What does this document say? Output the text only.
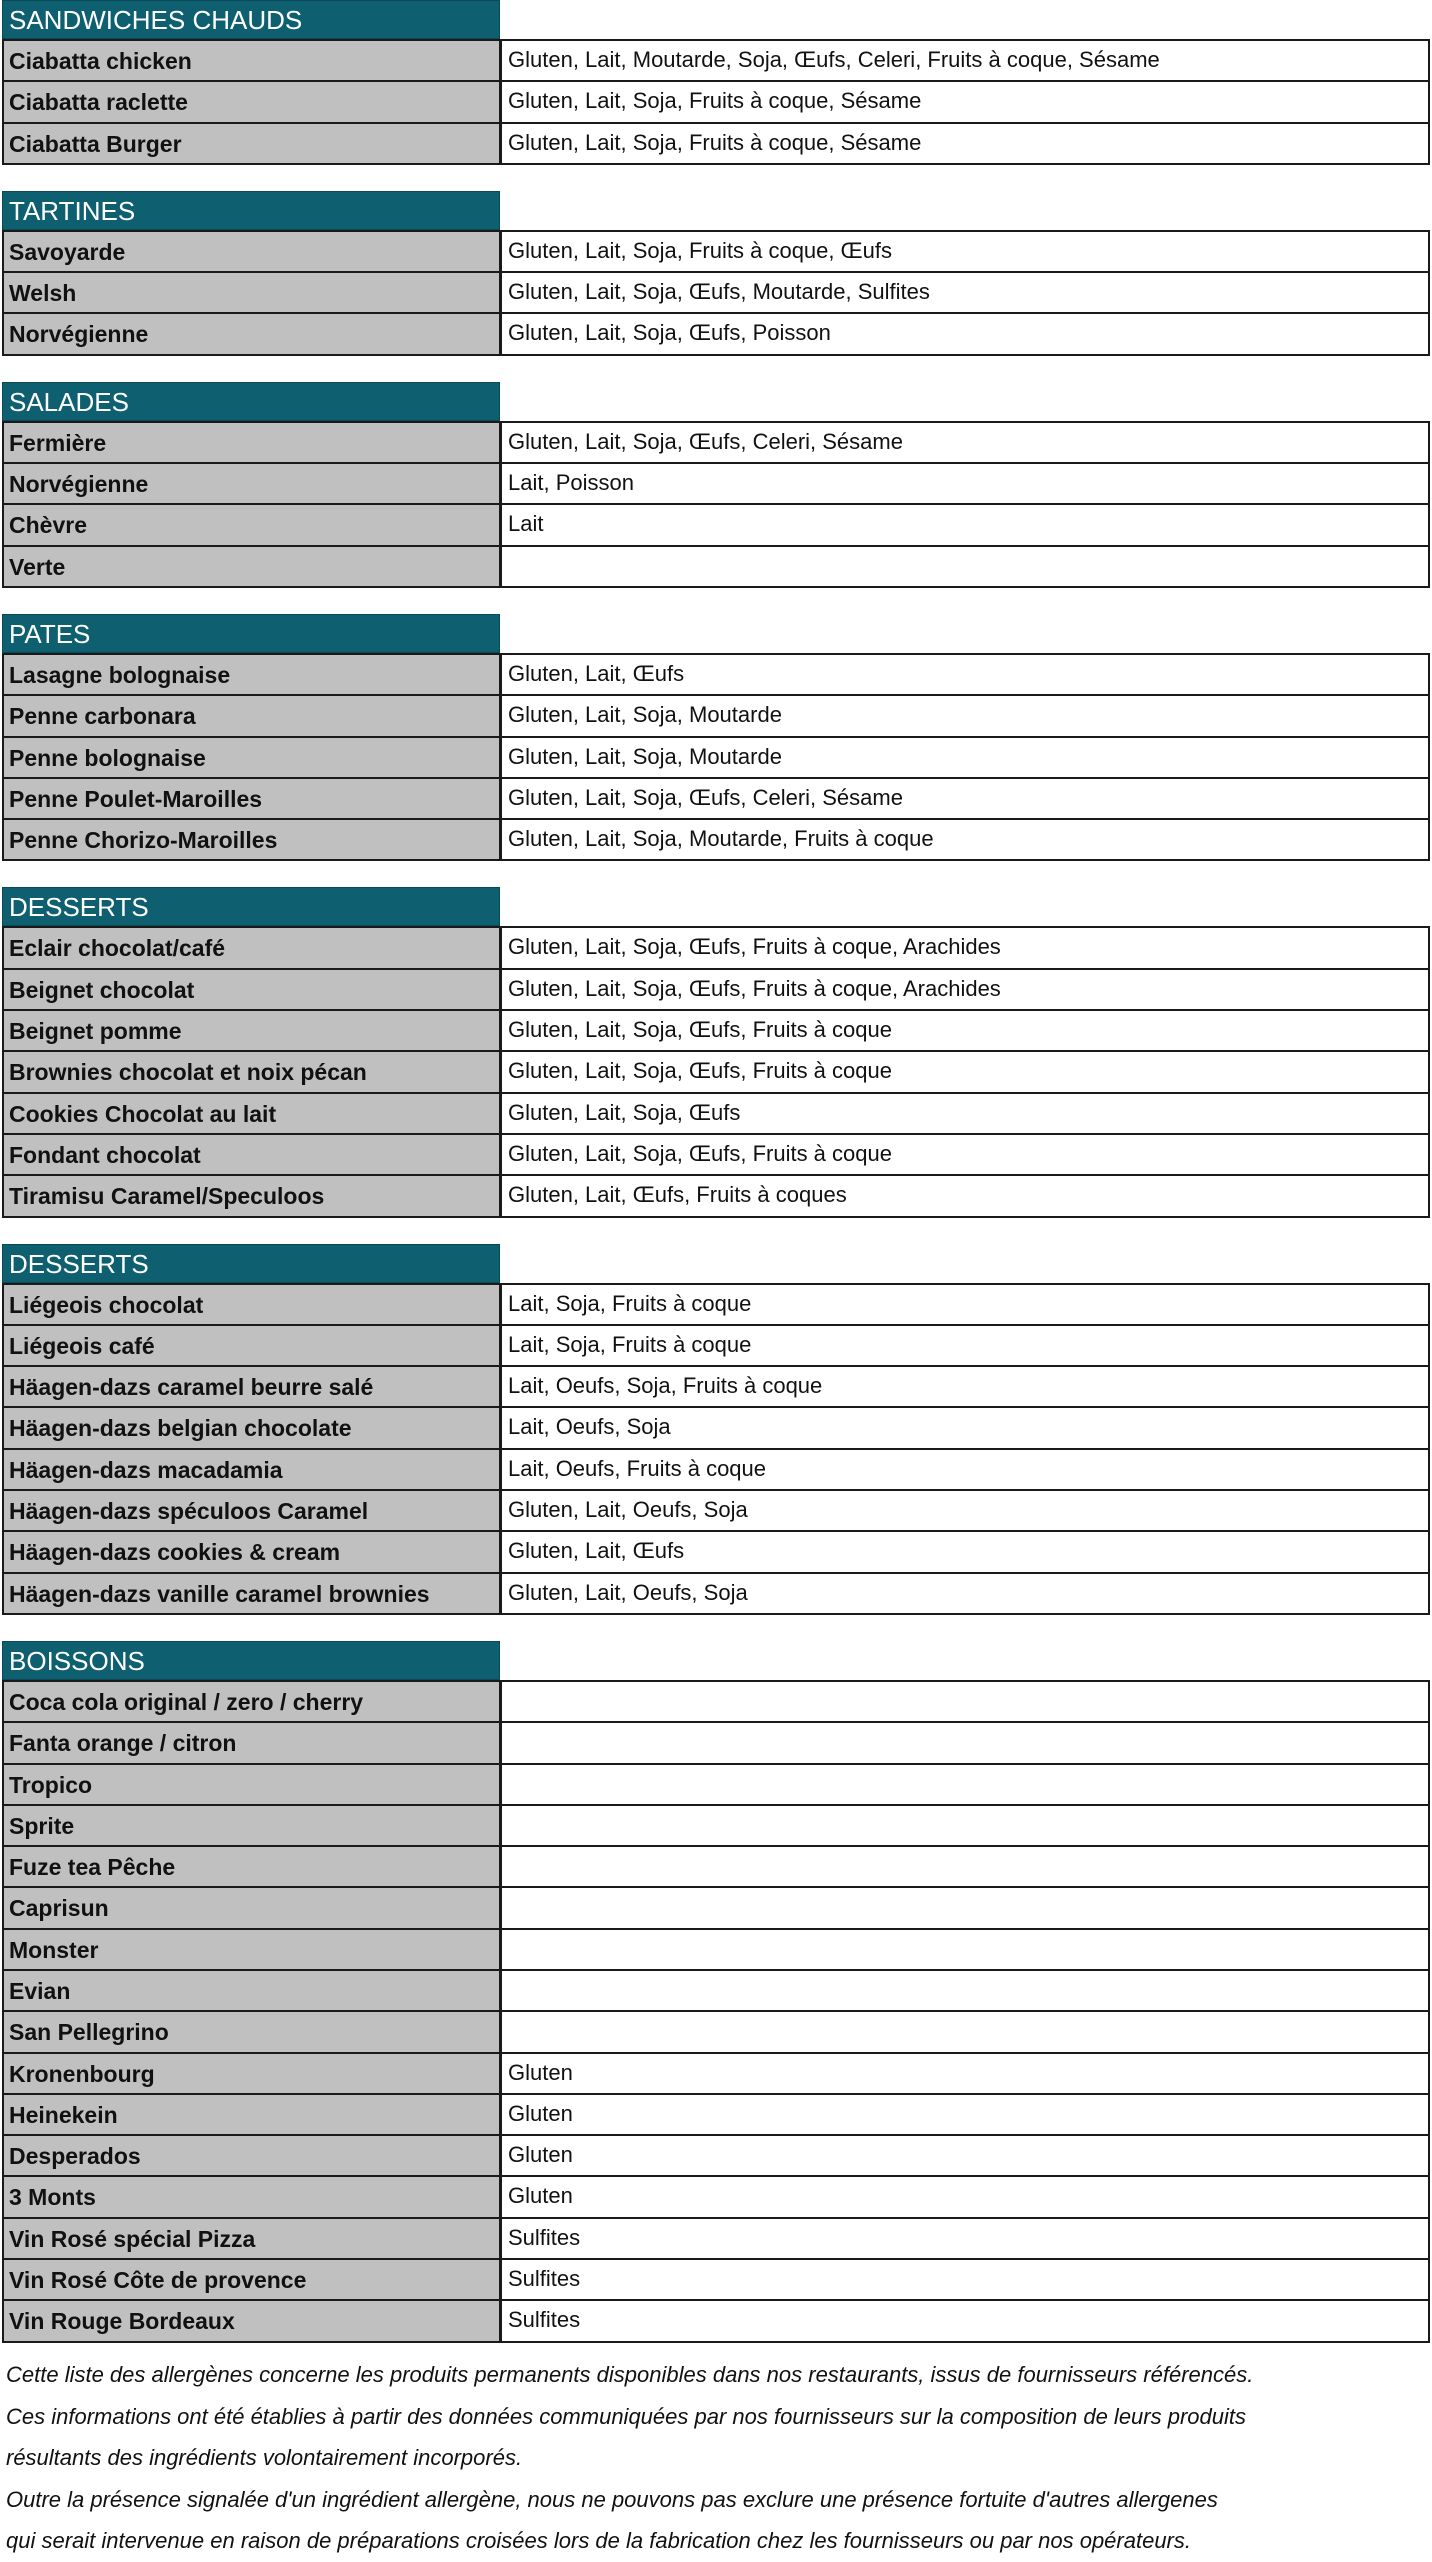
SANDWICHES CHAUDS
Ciabatta chicken	Gluten, Lait, Moutarde, Soja, Œufs, Celeri, Fruits à coque, Sésame
Ciabatta raclette	Gluten, Lait, Soja, Fruits à coque, Sésame
Ciabatta Burger	Gluten, Lait, Soja, Fruits à coque, Sésame
TARTINES
Savoyarde	Gluten, Lait, Soja, Fruits à coque, Œufs
Welsh	Gluten, Lait, Soja, Œufs, Moutarde, Sulfites
Norvégienne	Gluten, Lait, Soja, Œufs, Poisson
SALADES
Fermière	Gluten, Lait, Soja, Œufs, Celeri, Sésame
Norvégienne	Lait, Poisson
Chèvre	Lait
Verte
PATES
Lasagne bolognaise	Gluten, Lait, Œufs
Penne carbonara	Gluten, Lait, Soja, Moutarde
Penne bolognaise	Gluten, Lait, Soja, Moutarde
Penne Poulet-Maroilles	Gluten, Lait, Soja, Œufs, Celeri, Sésame
Penne Chorizo-Maroilles	Gluten, Lait, Soja, Moutarde, Fruits à coque
DESSERTS
Eclair chocolat/café	Gluten, Lait, Soja, Œufs, Fruits à coque, Arachides
Beignet chocolat	Gluten, Lait, Soja, Œufs, Fruits à coque, Arachides
Beignet pomme	Gluten, Lait, Soja, Œufs, Fruits à coque
Brownies chocolat et noix pécan	Gluten, Lait, Soja, Œufs, Fruits à coque
Cookies Chocolat au lait	Gluten, Lait, Soja, Œufs
Fondant chocolat	Gluten, Lait, Soja, Œufs, Fruits à coque
Tiramisu Caramel/Speculoos	Gluten, Lait, Œufs, Fruits à coques
DESSERTS
Liégeois chocolat	Lait, Soja, Fruits à coque
Liégeois café	Lait, Soja, Fruits à coque
Häagen-dazs caramel beurre salé	Lait, Oeufs, Soja, Fruits à coque
Häagen-dazs belgian chocolate	Lait, Oeufs, Soja
Häagen-dazs macadamia	Lait, Oeufs, Fruits à coque
Häagen-dazs spéculoos Caramel	Gluten, Lait, Oeufs, Soja
Häagen-dazs cookies & cream	Gluten, Lait, Œufs
Häagen-dazs vanille caramel brownies	Gluten, Lait, Oeufs, Soja
BOISSONS
Coca cola original / zero / cherry
Fanta orange / citron
Tropico
Sprite
Fuze tea Pêche
Caprisun
Monster
Evian
San Pellegrino
Kronenbourg	Gluten
Heinekein	Gluten
Desperados	Gluten
3 Monts	Gluten
Vin Rosé spécial Pizza	Sulfites
Vin Rosé Côte de provence	Sulfites
Vin Rouge Bordeaux	Sulfites
Cette liste des allergènes concerne les produits permanents disponibles dans nos restaurants, issus de fournisseurs référencés.
Ces informations ont été établies à partir des données communiquées par nos fournisseurs sur la composition de leurs produits
résultants des ingrédients volontairement incorporés.
Outre la présence signalée d'un ingrédient allergène, nous ne pouvons pas exclure une présence fortuite d'autres allergenes
qui serait intervenue en raison de préparations croisées lors de la fabrication chez les fournisseurs ou par nos opérateurs.
